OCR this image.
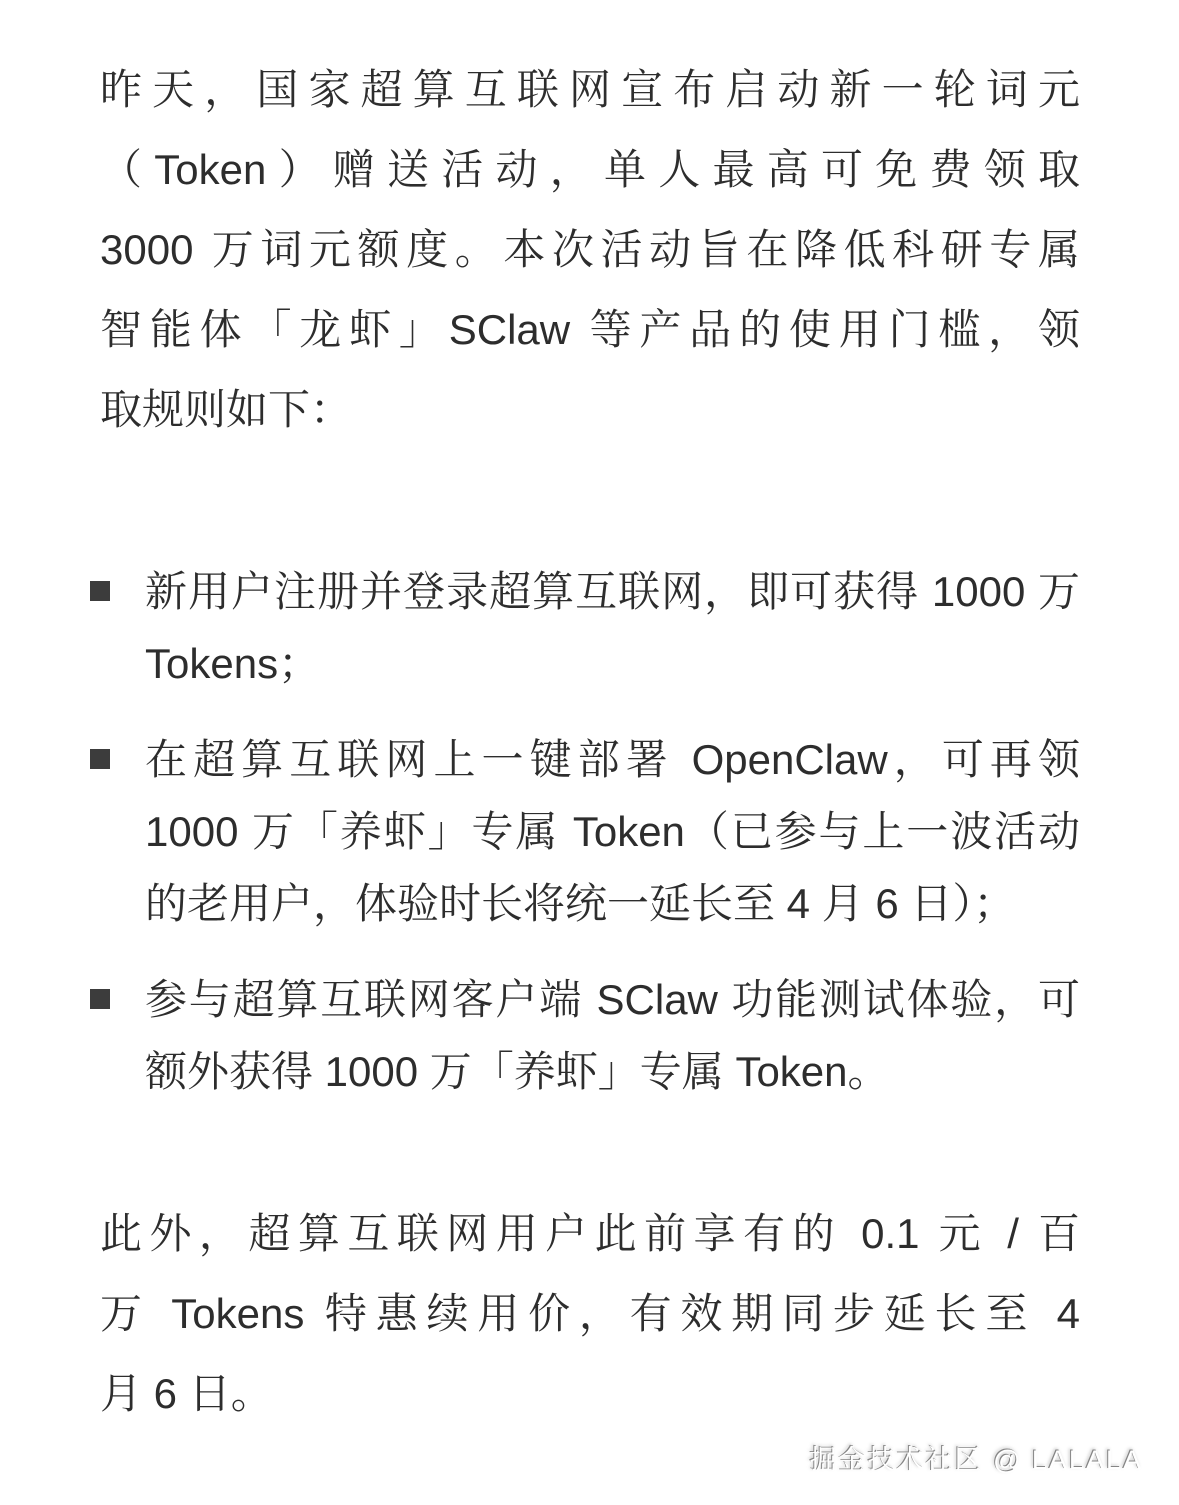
昨天，国家超算互联网宣布启动新一轮词元
（Token）赠送活动，单人最高可免费领取
3000 万词元额度。本次活动旨在降低科研专属
智能体「龙虾」SClaw 等产品的使用门槛，领
取规则如下：
新用户注册并登录超算互联网，即可获得 1000 万
Tokens；
在超算互联网上一键部署 OpenClaw，可再领
1000 万「养虾」专属 Token（已参与上一波活动
的老用户，体验时长将统一延长至 4 月 6 日）；
参与超算互联网客户端 SClaw 功能测试体验，可
额外获得 1000 万「养虾」专属 Token。
此外，超算互联网用户此前享有的 0.1 元 / 百
万 Tokens 特惠续用价，有效期同步延长至 4
月 6 日。
掘金技术社区 @ LALALA
